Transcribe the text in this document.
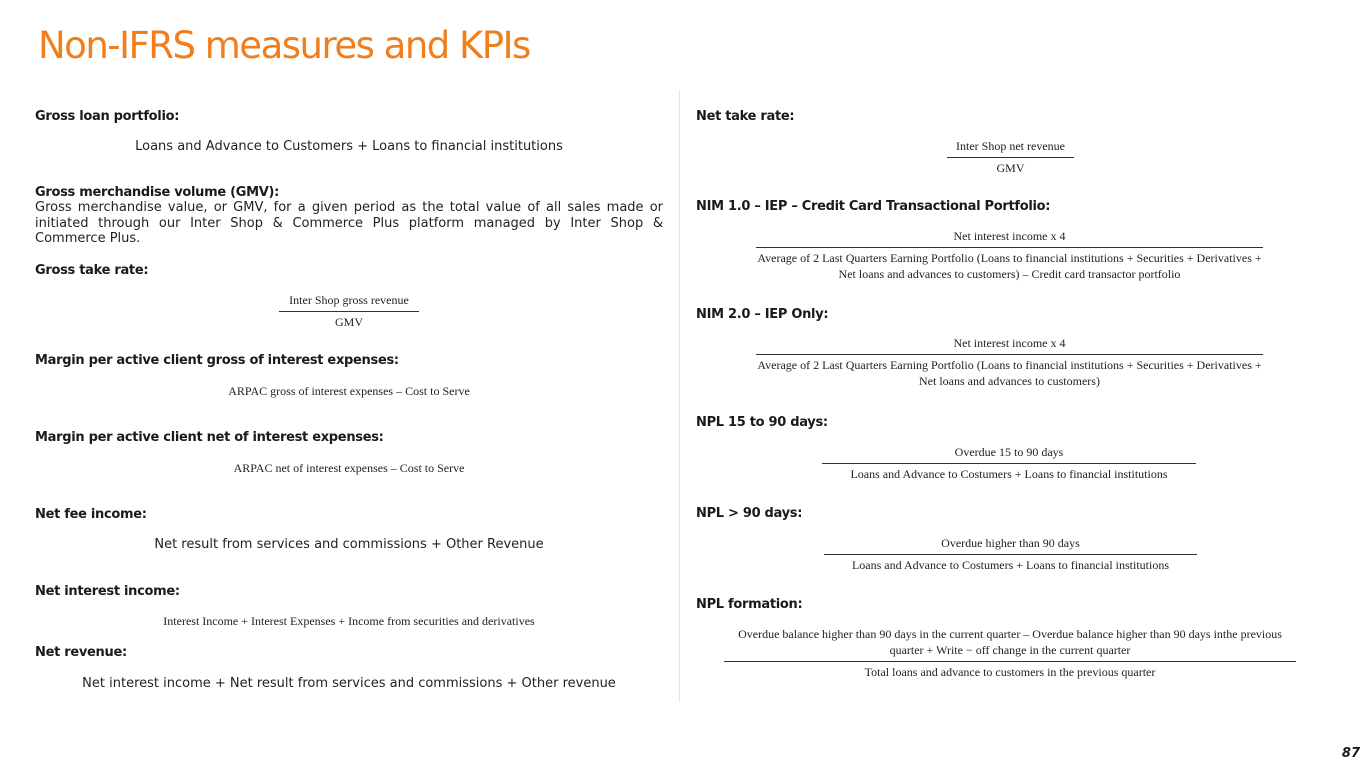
Non-IFRS measures and KPIs
Gross loan portfolio:
Loans and Advance to Customers + Loans to financial institutions
Gross merchandise volume (GMV):
Gross merchandise value, or GMV, for a given period as the total value of all sales made or initiated through our Inter Shop & Commerce Plus platform managed by Inter Shop & Commerce Plus.
Gross take rate:
Inter Shop gross revenue
GMV
Margin per active client gross of interest expenses:
ARPAC gross of interest expenses – Cost to Serve
Margin per active client net of interest expenses:
ARPAC net of interest expenses – Cost to Serve
Net fee income:
Net result from services and commissions + Other Revenue
Net interest income:
Interest Income + Interest Expenses + Income from securities and derivatives
Net revenue:
Net interest income + Net result from services and commissions + Other revenue
Net take rate:
Inter Shop net revenue
GMV
NIM 1.0 – IEP – Credit Card Transactional Portfolio:
Net interest income x 4
Average of 2 Last Quarters Earning Portfolio (Loans to financial institutions + Securities + Derivatives + Net loans and advances to customers) – Credit card transactor portfolio
NIM 2.0 – IEP Only:
Net interest income x 4
Average of 2 Last Quarters Earning Portfolio (Loans to financial institutions + Securities + Derivatives + Net loans and advances to customers)
NPL 15 to 90 days:
Overdue 15 to 90 days
Loans and Advance to Costumers + Loans to financial institutions
NPL > 90 days:
Overdue higher than 90 days
Loans and Advance to Costumers + Loans to financial institutions
NPL formation:
Overdue balance higher than 90 days in the current quarter – Overdue balance higher than 90 days inthe previous quarter + Write − off change in the current quarter
Total loans and advance to customers in the previous quarter
87
